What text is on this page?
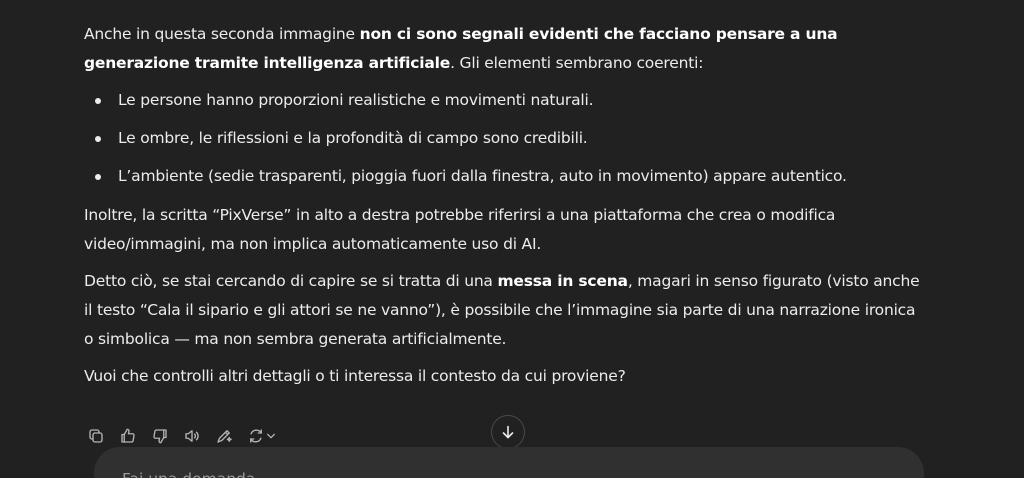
Anche in questa seconda immagine non ci sono segnali evidenti che facciano pensare a una generazione tramite intelligenza artificiale. Gli elementi sembrano coerenti:

Le persone hanno proporzioni realistiche e movimenti naturali.
Le ombre, le riflessioni e la profondità di campo sono credibili.
L’ambiente (sedie trasparenti, pioggia fuori dalla finestra, auto in movimento) appare autentico.

Inoltre, la scritta “PixVerse” in alto a destra potrebbe riferirsi a una piattaforma che crea o modifica video/immagini, ma non implica automaticamente uso di AI.

Detto ciò, se stai cercando di capire se si tratta di una messa in scena, magari in senso figurato (visto anche il testo “Cala il sipario e gli attori se ne vanno”), è possibile che l’immagine sia parte di una narrazione ironica o simbolica — ma non sembra generata artificialmente.

Vuoi che controlli altri dettagli o ti interessa il contesto da cui proviene?

Fai una domanda
